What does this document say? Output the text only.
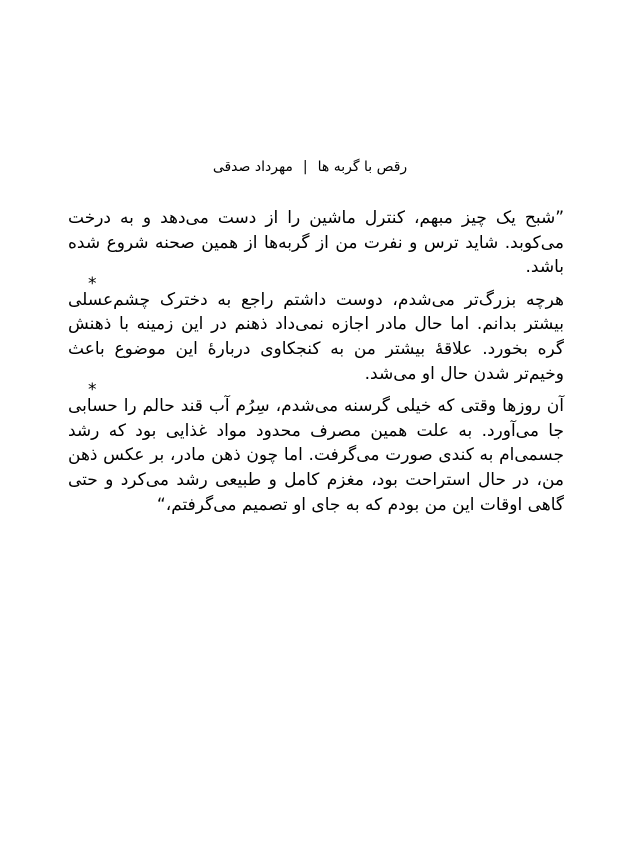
رقص با گربه ها|مهرداد صدقی

”شبح یک چیز مبهم، کنترل ماشین را از دست می‌دهد و به درخت می‌کوبد. شاید ترس و نفرت من از گربه‌ها از همین صحنه شروع شده باشد.

*

هرچه بزرگ‌تر می‌شدم، دوست داشتم راجع به دخترک چشم‌عسلی بیشتر بدانم. اما حال مادر اجازه نمی‌داد ذهنم در این زمینه با ذهنش گره بخورد. علاقهٔ بیشتر من به کنجکاوی دربارهٔ این موضوع باعث وخیم‌تر شدن حال او می‌شد.

*

آن روزها وقتی که خیلی گرسنه می‌شدم، سِرُم آب قند حالم را حسابی جا می‌آورد. به علت همین مصرف محدود مواد غذایی بود که رشد جسمی‌ام به کندی صورت می‌گرفت. اما چون ذهن مادر، بر عکس ذهن من، در حال استراحت بود، مغزم کامل و طبیعی رشد می‌کرد و حتی گاهی اوقات این من بودم که به جای او تصمیم می‌گرفتم،“
